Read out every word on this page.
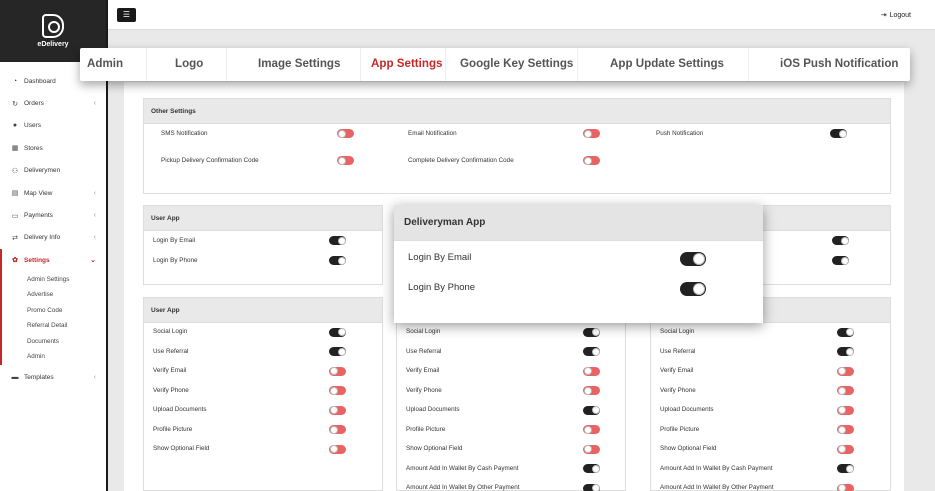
eDelivery
◔ Dashboard
↻ Orders	‹
● Users
▦ Stores
⚇ Deliverymen
▤ Map View	‹
▭ Payments	‹
⇄ Delivery Info	‹
✿ Settings	⌄
Admin Settings
Advertise
Promo Code
Referral Detail
Documents
Admin
▬ Templates	‹
☰	⇥ Logout
Other Settings
SMS Notification	Email Notification	Push Notification
Pickup Delivery Confirmation Code	Complete Delivery Confirmation Code
User App
Login By Email
Login By Phone
User App
Social Login
Use Referral
Verify Email
Verify Phone
Upload Documents
Profile Picture
Show Optional Field
Social Login
Use Referral
Verify Email
Verify Phone
Upload Documents
Profile Picture
Show Optional Field
Amount Add In Wallet By Cash Payment
Amount Add In Wallet By Other Payment
Social Login
Use Referral
Verify Email
Verify Phone
Upload Documents
Profile Picture
Show Optional Field
Amount Add In Wallet By Cash Payment
Amount Add In Wallet By Other Payment
Admin	Logo	Image Settings	App Settings Google Key Settings	App Update Settings	iOS Push Notification
Deliveryman App
Login By Email
Login By Phone
